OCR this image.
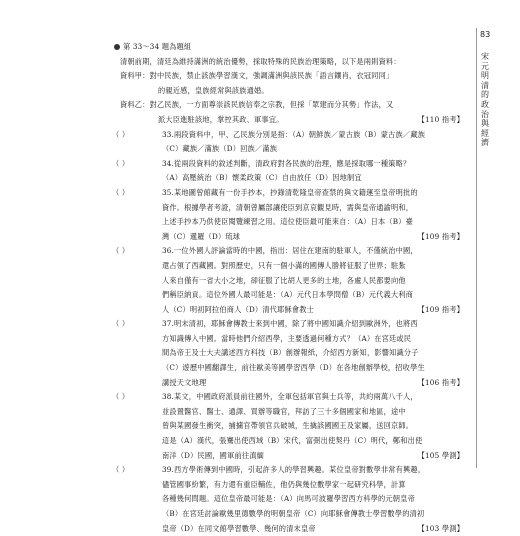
83
宋元明清的政治與經濟
第 33～34 題為題組
清朝前期，清廷為維持滿洲的統治優勢，採取特殊的民族治理策略，以下是兩則資料：
資料甲：對中民族，禁止該族學習漢文，強調滿洲與該民族「語言鑲肖，衣冠同同」
的親近感，皇族經常與該族通婚。
資料乙：對乙民族，一方面尊崇該民族信奉之宗教，但採「眾建而分其勢」作法，又
派大臣進駐該地，掌控其政、軍事宜。	【110 指考】
（ ）	33.兩段資料中，甲、乙民族分別是指：（A）朝鮮族／蒙古族（B）蒙古族／藏族
（C）藏族／滿族（D）回族／滿族
（ ）	34.從兩段資料的敘述判斷，清政府對各民族的治理，應是採取哪一種策略？
（A）高壓統治（B）懷柔政策（C）自由放任（D）因地制宜
（ ）	35.某地圖曾館藏有一份手抄本，抄錄清乾隆皇帝查禁的與文籍運至皇帝明批的
資作。根據學者考證，清朝曾屬部讓使臣到京哀觀見時，需與皇帝通諭明和，
上述手抄本乃供使臣閱覽練習之用。這位使臣最可能來自：（A）日本（B）臺
灣（C）暹羅（D）琉球	【109 指考】
（ ）	36.一位外國人評論當時的中國，指出：居住在建南的駐軍人，不僅統治中國，
還占領了西藏國。對照歷史，只有一個小滿的國傳人勝將征服了世界；駐紮
人來自僅有一省大小之地，卻征服了比胡人更多的土地，各處人民都要向他
們稱臣納貢。這位外國人最可能是：（A）元代日本學問僧（B）元代義大利商
人（C）明初阿拉伯商人（D）清代耶穌會教士	【109 指考】
（ ）	37.明末清初，耶穌會傳教士來到中國，除了將中國知識介紹到歐洲外，也將西
方知識傳入中國。當時他們介紹西學，主要透過何種方式？（A）在宮廷或民
間為帝王及士大夫講述西方科技（B）創辦報紙，介紹西方新知，影響知識分子
（C）遊歷中國翻譯生，前往歐美等國學習西學（D）在各地創辦學校，招收學生
講授天文地理	【106 指考】
（ ）	38.某文，中國政府派員前往國外，全軍包括軍官與士兵等，共約兩萬八千人，
並設置醫官、醫士、通譯、買辦等職官，拜訪了三十多個國家和地區，途中
曾與某國發生衝突，捕擄官帶領官兵破城，生擒該國國王及家屬，送回京師。
這是（A）漢代，張騫出使西域（B）宋代，富弼出使契丹（C）明代，鄭和出使
南洋（D）民國，國軍前往滇緬	【105 學測】
（ ）	39.西方學術傳到中國時，引起許多人的學習興趣。某位皇帝對數學非常有興趣，
儘管國事紛繁，有力還有重臣輔佐，他仍與幾位數學家一起研究科學，計算
各種幾何問題。這位皇帝最可能是：（A）向馬可波羅學習西方科學的元朝皇帝
（B）在宮廷討論歐幾里德數學的明朝皇帝（C）向耶穌會傳教士學習數學的清初
皇帝（D）在同文館學習數學、幾何的清末皇帝	【103 學測】
